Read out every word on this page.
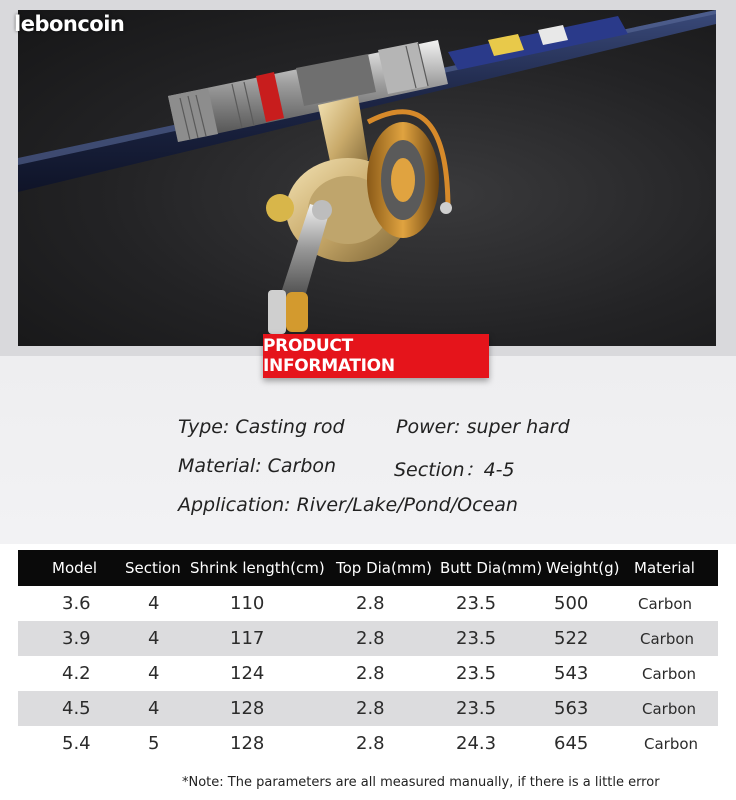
leboncoin
PRODUCT INFORMATION
Type: Casting rod	Power: super hard
Material: Carbon	Section：4-5
Application: River/Lake/Pond/Ocean
Model Section Shrink length(cm) Top Dia(mm) Butt Dia(mm) Weight(g) Material
3.6	4	110	2.8	23.5	500	Carbon
3.9	4	117	2.8	23.5	522	Carbon
4.2	4	124	2.8	23.5	543	Carbon
4.5	4	128	2.8	23.5	563	Carbon
5.4	5	128	2.8	24.3	645	Carbon
*Note: The parameters are all measured manually, if there is a little error
